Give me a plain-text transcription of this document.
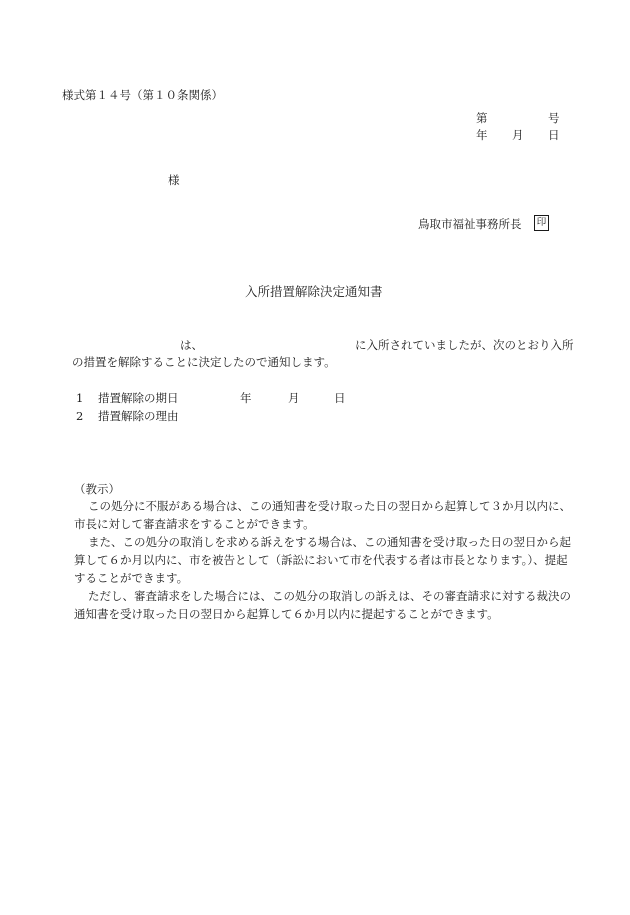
様式第１４号（第１０条関係）
第	号
年 月 日
様
鳥取市福祉事務所長 印
入所措置解除決定通知書
は、	に入所されていましたが、次のとおり入所
の措置を解除することに決定したので通知します。
1 措置解除の期日	年	月	日
2 措置解除の理由
（教示）
この処分に不服がある場合は、この通知書を受け取った日の翌日から起算して３か月以内に、
市長に対して審査請求をすることができます。
また、この処分の取消しを求める訴えをする場合は、この通知書を受け取った日の翌日から起
算して６か月以内に、市を被告として（訴訟において市を代表する者は市長となります。）、提起
することができます。
ただし、審査請求をした場合には、この処分の取消しの訴えは、その審査請求に対する裁決の
通知書を受け取った日の翌日から起算して６か月以内に提起することができます。
